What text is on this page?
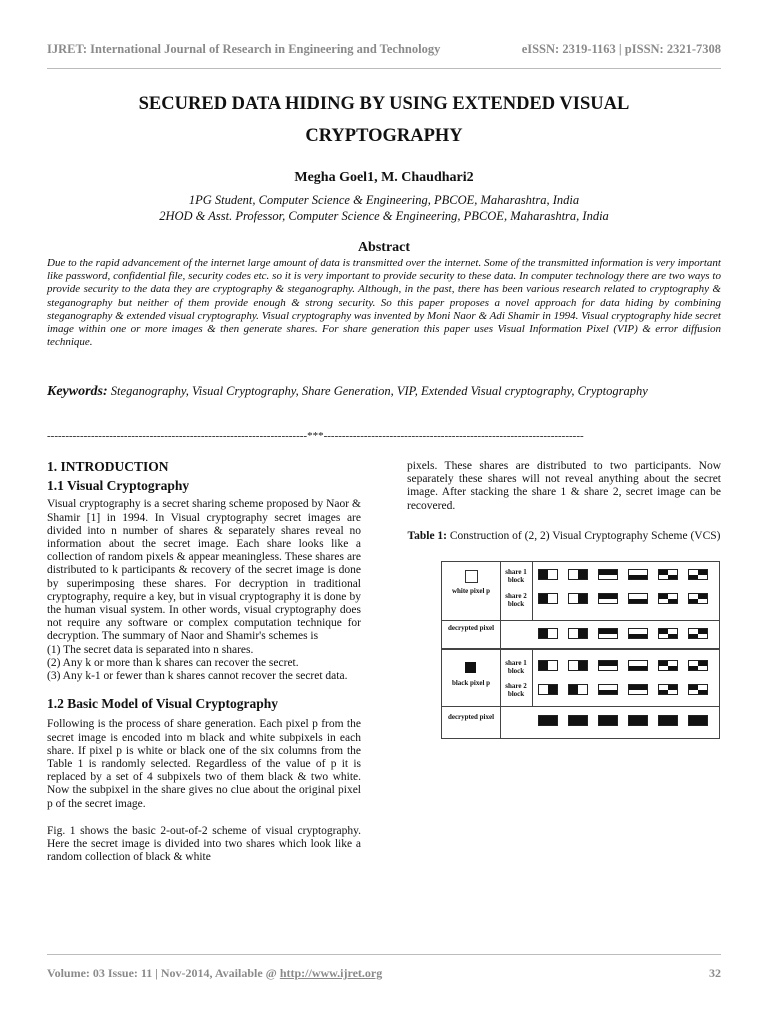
IJRET: International Journal of Research in Engineering and Technology	eISSN: 2319-1163 | pISSN: 2321-7308
SECURED DATA HIDING BY USING EXTENDED VISUAL
CRYPTOGRAPHY
Megha Goel1, M. Chaudhari2
1PG Student, Computer Science & Engineering, PBCOE, Maharashtra, India
2HOD & Asst. Professor, Computer Science & Engineering, PBCOE, Maharashtra, India
Abstract
Due to the rapid advancement of the internet large amount of data is transmitted over the internet. Some of the transmitted information is very important like password, confidential file, security codes etc. so it is very important to provide security to these data. In computer technology there are two ways to provide security to the data they are cryptography & steganography. Although, in the past, there has been various research related to cryptography & steganography but neither of them provide enough & strong security. So this paper proposes a novel approach for data hiding by combining steganography & extended visual cryptography. Visual cryptography was invented by Moni Naor & Adi Shamir in 1994. Visual cryptography hide secret image within one or more images & then generate shares. For share generation this paper uses Visual Information Pixel (VIP) & error diffusion technique.
Keywords: Steganography, Visual Cryptography, Share Generation, VIP, Extended Visual cryptography, Cryptography
-----------------------------------------------------------------------***-----------------------------------------------------------------------
1. INTRODUCTION
1.1 Visual Cryptography

Visual cryptography is a secret sharing scheme proposed by Naor & Shamir [1] in 1994. In Visual cryptography secret images are divided into n number of shares & separately shares reveal no information about the secret image. Each share looks like a collection of random pixels & appear meaningless. These shares are distributed to k participants & recovery of the secret image is done by superimposing these shares. For decryption in traditional cryptography, require a key, but in visual cryptography it is done by the human visual system. In other words, visual cryptography does not require any software or complex computation technique for decryption. The summary of Naor and Shamir's schemes is

(1) The secret data is separated into n shares.

(2) Any k or more than k shares can recover the secret.

(3) Any k-1 or fewer than k shares cannot recover the secret data.

1.2 Basic Model of Visual Cryptography

Following is the process of share generation. Each pixel p from the secret image is encoded into m black and white subpixels in each share. If pixel p is white or black one of the six columns from the Table 1 is randomly selected. Regardless of the value of p it is replaced by a set of 4 subpixels two of them black & two white. Now the subpixel in the share gives no clue about the original pixel p of the secret image.

Fig. 1 shows the basic 2-out-of-2 scheme of visual cryptography. Here the secret image is divided into two shares which look like a random collection of black & white

pixels. These shares are distributed to two participants. Now separately these shares will not reveal anything about the secret image. After stacking the share 1 & share 2, secret image can be recovered.

Table 1: Construction of (2, 2) Visual Cryptography Scheme (VCS)
white pixel p
share 1 block
share 2 block
decrypted pixel
black pixel p
share 1 block
share 2 block
decrypted pixel
Volume: 03 Issue: 11 | Nov-2014, Available @ http://www.ijret.org	32
